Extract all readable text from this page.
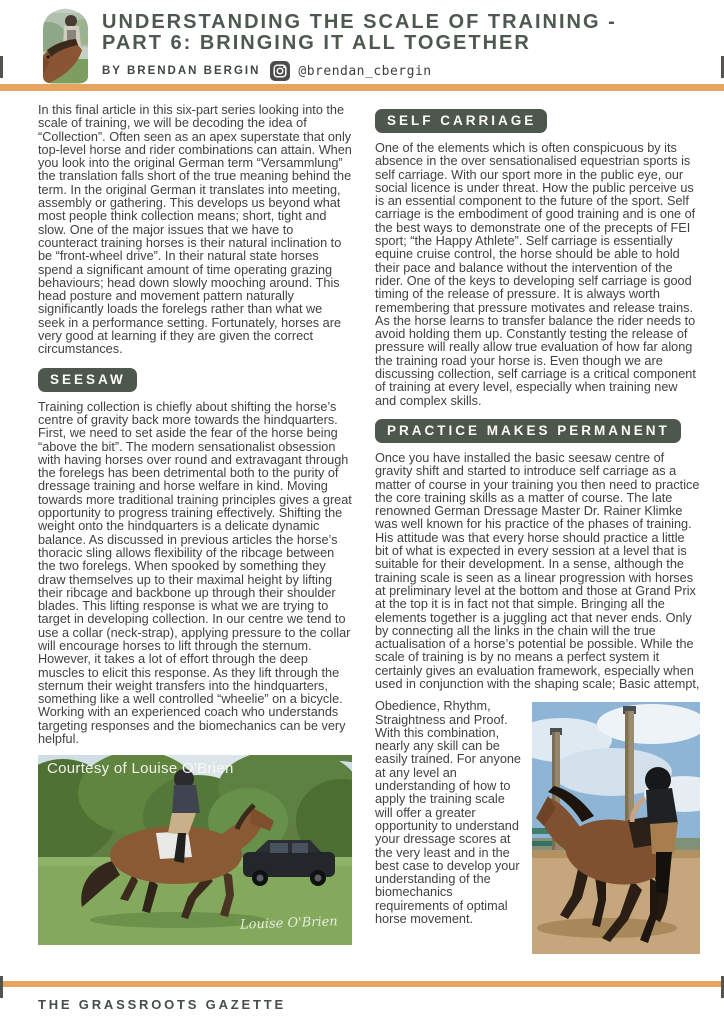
UNDERSTANDING THE SCALE OF TRAINING -
PART 6: BRINGING IT ALL TOGETHER
BY BRENDAN BERGIN	@brendan_cbergin

In this final article in this six-part series looking into the scale of training, we will be decoding the idea of “Collection”. Often seen as an apex superstate that only top-level horse and rider combinations can attain. When you look into the original German term “Versammlung” the translation falls short of the true meaning behind the term. In the original German it translates into meeting, assembly or gathering. This develops us beyond what most people think collection means; short, tight and slow. One of the major issues that we have to counteract training horses is their natural inclination to be “front-wheel drive”. In their natural state horses spend a significant amount of time operating grazing behaviours; head down slowly mooching around. This head posture and movement pattern naturally significantly loads the forelegs rather than what we seek in a performance setting. Fortunately, horses are very good at learning if they are given the correct circumstances.

SEESAW

Training collection is chiefly about shifting the horse’s centre of gravity back more towards the hindquarters. First, we need to set aside the fear of the horse being “above the bit”. The modern sensationalist obsession with having horses over round and extravagant through the forelegs has been detrimental both to the purity of dressage training and horse welfare in kind. Moving towards more traditional training principles gives a great opportunity to progress training effectively. Shifting the weight onto the hindquarters is a delicate dynamic balance. As discussed in previous articles the horse’s thoracic sling allows flexibility of the ribcage between the two forelegs. When spooked by something they draw themselves up to their maximal height by lifting their ribcage and backbone up through their shoulder blades. This lifting response is what we are trying to target in developing collection. In our centre we tend to use a collar (neck-strap), applying pressure to the collar will encourage horses to lift through the sternum. However, it takes a lot of effort through the deep muscles to elicit this response. As they lift through the sternum their weight transfers into the hindquarters, something like a well controlled “wheelie” on a bicycle. Working with an experienced coach who understands targeting responses and the biomechanics can be very helpful.

Courtesy of Louise O'Brien
Louise O'Brien
SELF CARRIAGE

One of the elements which is often conspicuous by its absence in the over sensationalised equestrian sports is self carriage. With our sport more in the public eye, our social licence is under threat. How the public perceive us is an essential component to the future of the sport. Self carriage is the embodiment of good training and is one of the best ways to demonstrate one of the precepts of FEI sport; “the Happy Athlete”. Self carriage is essentially equine cruise control, the horse should be able to hold their pace and balance without the intervention of the rider. One of the keys to developing self carriage is good timing of the release of pressure. It is always worth remembering that pressure motivates and release trains. As the horse learns to transfer balance the rider needs to avoid holding them up. Constantly testing the release of pressure will really allow true evaluation of how far along the training road your horse is. Even though we are discussing collection, self carriage is a critical component of training at every level, especially when training new and complex skills.

PRACTICE MAKES PERMANENT

Once you have installed the basic seesaw centre of gravity shift and started to introduce self carriage as a matter of course in your training you then need to practice the core training skills as a matter of course. The late renowned German Dressage Master Dr. Rainer Klimke was well known for his practice of the phases of training. His attitude was that every horse should practice a little bit of what is expected in every session at a level that is suitable for their development. In a sense, although the training scale is seen as a linear progression with horses at preliminary level at the bottom and those at Grand Prix at the top it is in fact not that simple. Bringing all the elements together is a juggling act that never ends. Only by connecting all the links in the chain will the true actualisation of a horse’s potential be possible. While the scale of training is by no means a perfect system it certainly gives an evaluation framework, especially when used in conjunction with the shaping scale; Basic attempt,

Obedience, Rhythm, Straightness and Proof. With this combination, nearly any skill can be easily trained. For anyone at any level an understanding of how to apply the training scale will offer a greater opportunity to understand your dressage scores at the very least and in the best case to develop your understanding of the biomechanics requirements of optimal horse movement.

THE GRASSROOTS GAZETTE
